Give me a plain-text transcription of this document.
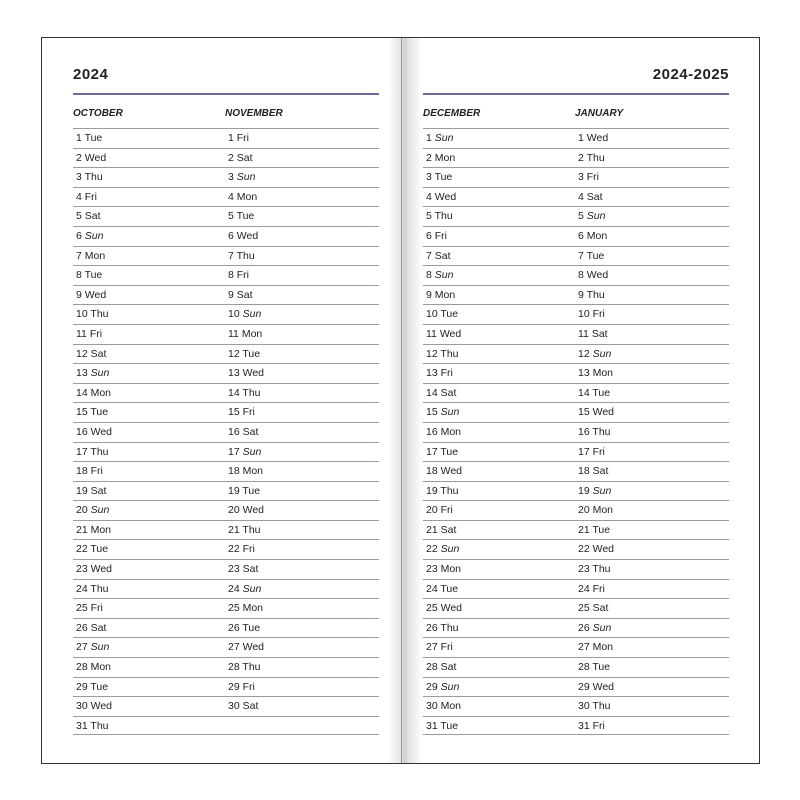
2024
OCTOBER	NOVEMBER
1 Tue	1 Fri
2 Wed	2 Sat
3 Thu	3 Sun
4 Fri	4 Mon
5 Sat	5 Tue
6 Sun	6 Wed
7 Mon	7 Thu
8 Tue	8 Fri
9 Wed	9 Sat
10 Thu	10 Sun
11 Fri	11 Mon
12 Sat	12 Tue
13 Sun	13 Wed
14 Mon	14 Thu
15 Tue	15 Fri
16 Wed	16 Sat
17 Thu	17 Sun
18 Fri	18 Mon
19 Sat	19 Tue
20 Sun	20 Wed
21 Mon	21 Thu
22 Tue	22 Fri
23 Wed	23 Sat
24 Thu	24 Sun
25 Fri	25 Mon
26 Sat	26 Tue
27 Sun	27 Wed
28 Mon	28 Thu
29 Tue	29 Fri
30 Wed	30 Sat
31 Thu
2024-2025
DECEMBER	JANUARY
1 Sun	1 Wed
2 Mon	2 Thu
3 Tue	3 Fri
4 Wed	4 Sat
5 Thu	5 Sun
6 Fri	6 Mon
7 Sat	7 Tue
8 Sun	8 Wed
9 Mon	9 Thu
10 Tue	10 Fri
11 Wed	11 Sat
12 Thu	12 Sun
13 Fri	13 Mon
14 Sat	14 Tue
15 Sun	15 Wed
16 Mon	16 Thu
17 Tue	17 Fri
18 Wed	18 Sat
19 Thu	19 Sun
20 Fri	20 Mon
21 Sat	21 Tue
22 Sun	22 Wed
23 Mon	23 Thu
24 Tue	24 Fri
25 Wed	25 Sat
26 Thu	26 Sun
27 Fri	27 Mon
28 Sat	28 Tue
29 Sun	29 Wed
30 Mon	30 Thu
31 Tue	31 Fri
